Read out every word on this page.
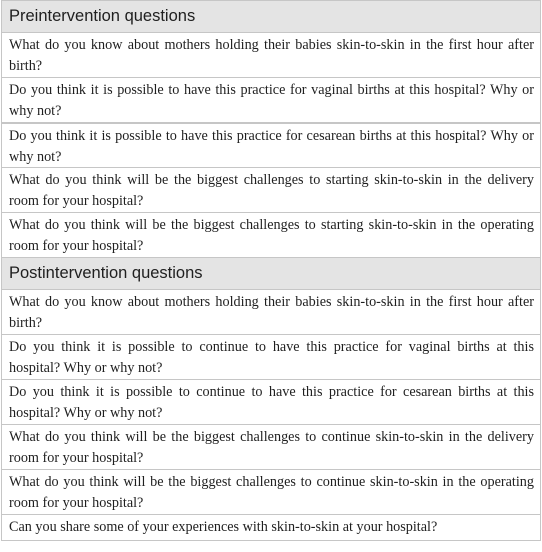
Preintervention questions
What do you know about mothers holding their babies skin-to-skin in the first hour after birth?
Do you think it is possible to have this practice for vaginal births at this hospital? Why or why not?
Do you think it is possible to have this practice for cesarean births at this hospital? Why or why not?
What do you think will be the biggest challenges to starting skin-to-skin in the delivery room for your hospital?
What do you think will be the biggest challenges to starting skin-to-skin in the operating room for your hospital?
Postintervention questions
What do you know about mothers holding their babies skin-to-skin in the first hour after birth?
Do you think it is possible to continue to have this practice for vaginal births at this hospital? Why or why not?
Do you think it is possible to continue to have this practice for cesarean births at this hospital? Why or why not?
What do you think will be the biggest challenges to continue skin-to-skin in the delivery room for your hospital?
What do you think will be the biggest challenges to continue skin-to-skin in the operating room for your hospital?
Can you share some of your experiences with skin-to-skin at your hospital?
